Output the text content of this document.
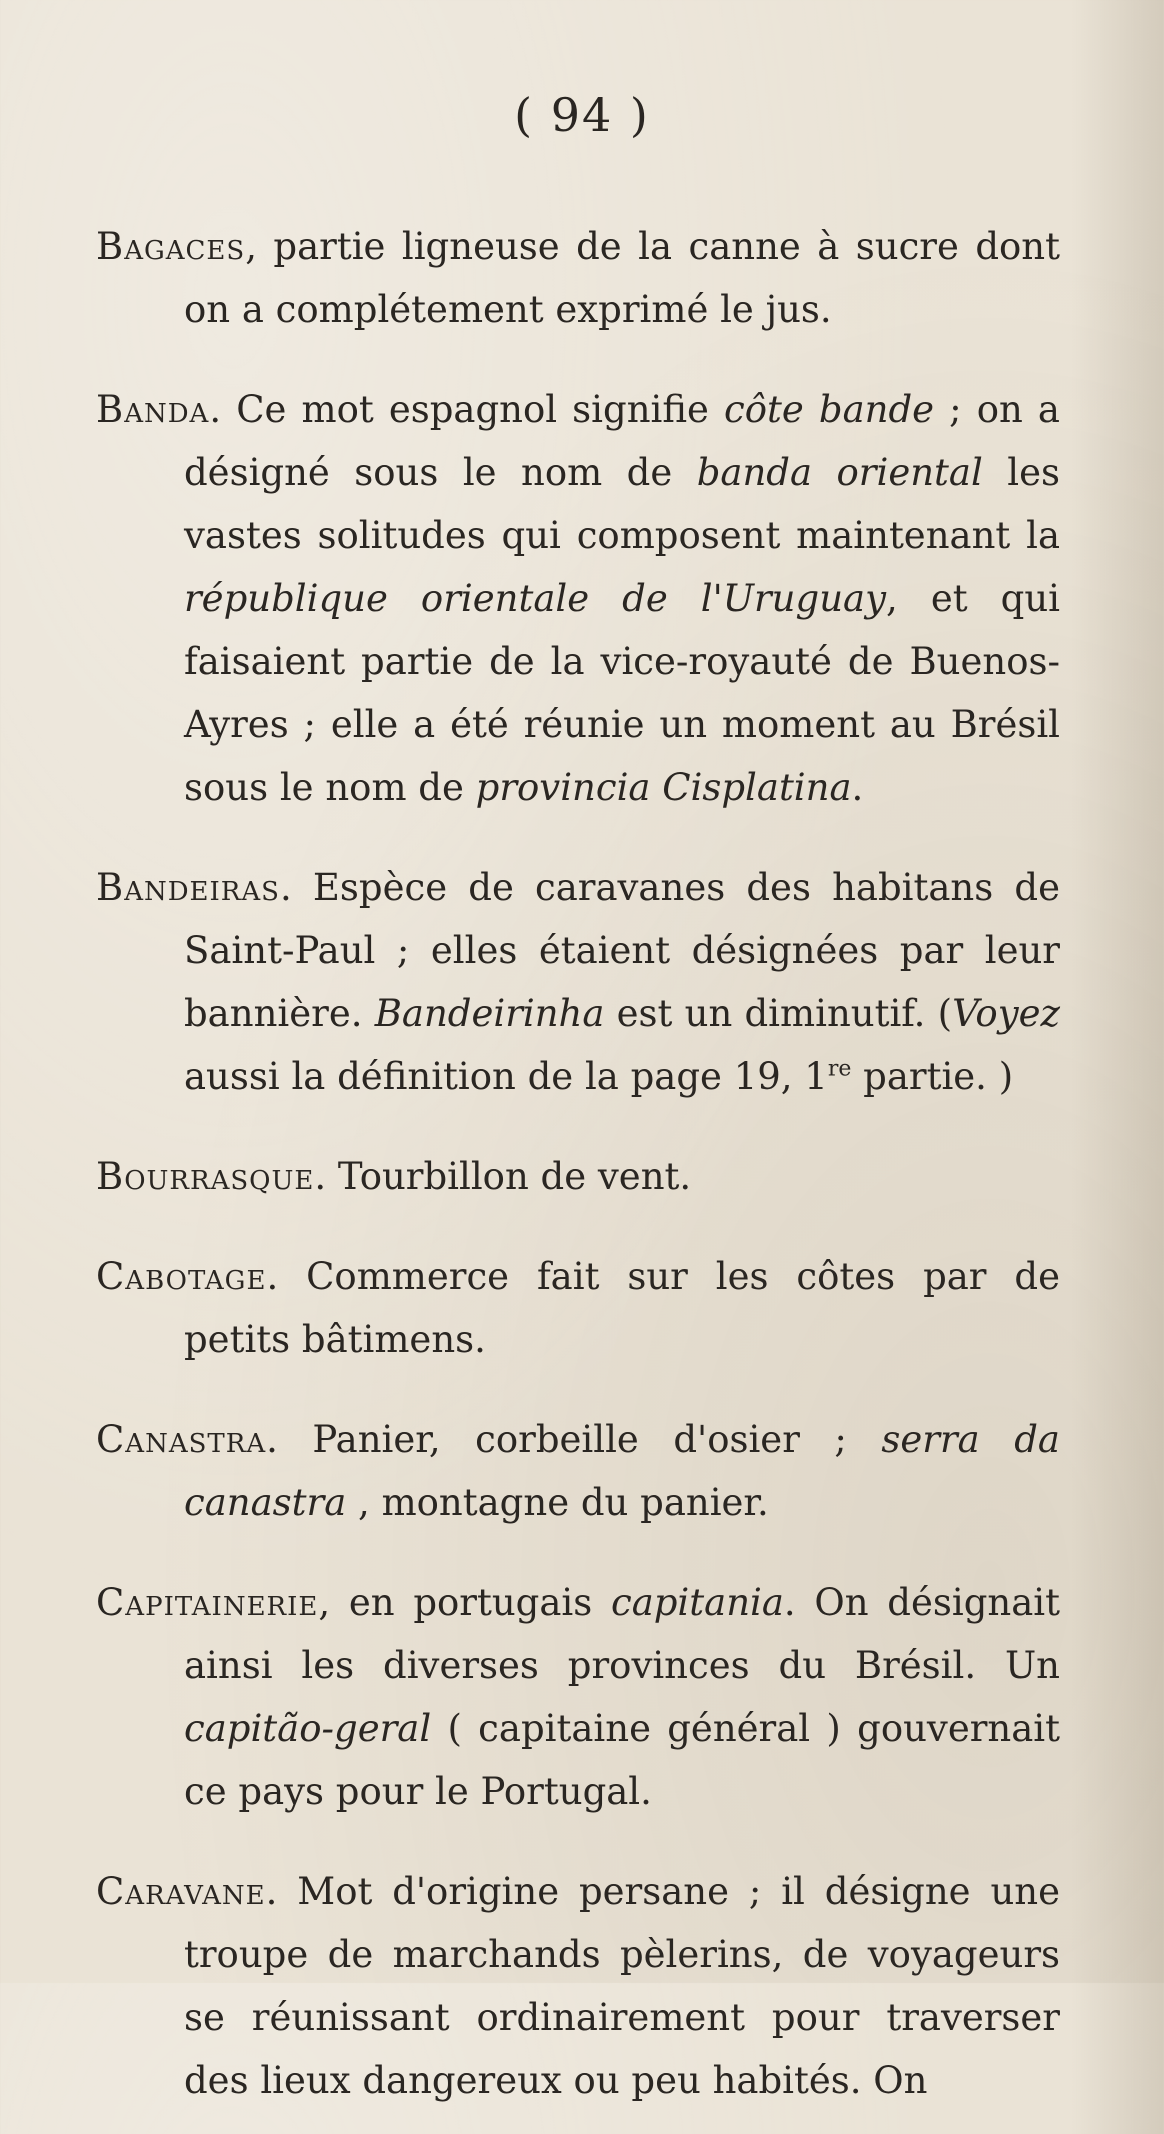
( 94 )

Bagaces, partie ligneuse de la canne à sucre dont on a complétement exprimé le jus.

Banda. Ce mot espagnol signifie côte bande ; on a désigné sous le nom de banda oriental les vastes solitudes qui composent maintenant la république orientale de l'Uruguay, et qui faisaient partie de la vice-royauté de Buenos-Ayres ; elle a été réunie un moment au Brésil sous le nom de provincia Cisplatina.

Bandeiras. Espèce de caravanes des habitans de Saint-Paul ; elles étaient désignées par leur bannière. Bandeirinha est un diminutif. (Voyez aussi la définition de la page 19, 1re partie. )

Bourrasque. Tourbillon de vent.

Cabotage. Commerce fait sur les côtes par de petits bâtimens.

Canastra. Panier, corbeille d'osier ; serra da canastra , montagne du panier.

Capitainerie, en portugais capitania. On désignait ainsi les diverses provinces du Brésil. Un capitão-geral ( capitaine général ) gouvernait ce pays pour le Portugal.

Caravane. Mot d'origine persane ; il désigne une troupe de marchands pèlerins, de voyageurs se réunissant ordinairement pour traverser des lieux dangereux ou peu habités. On
